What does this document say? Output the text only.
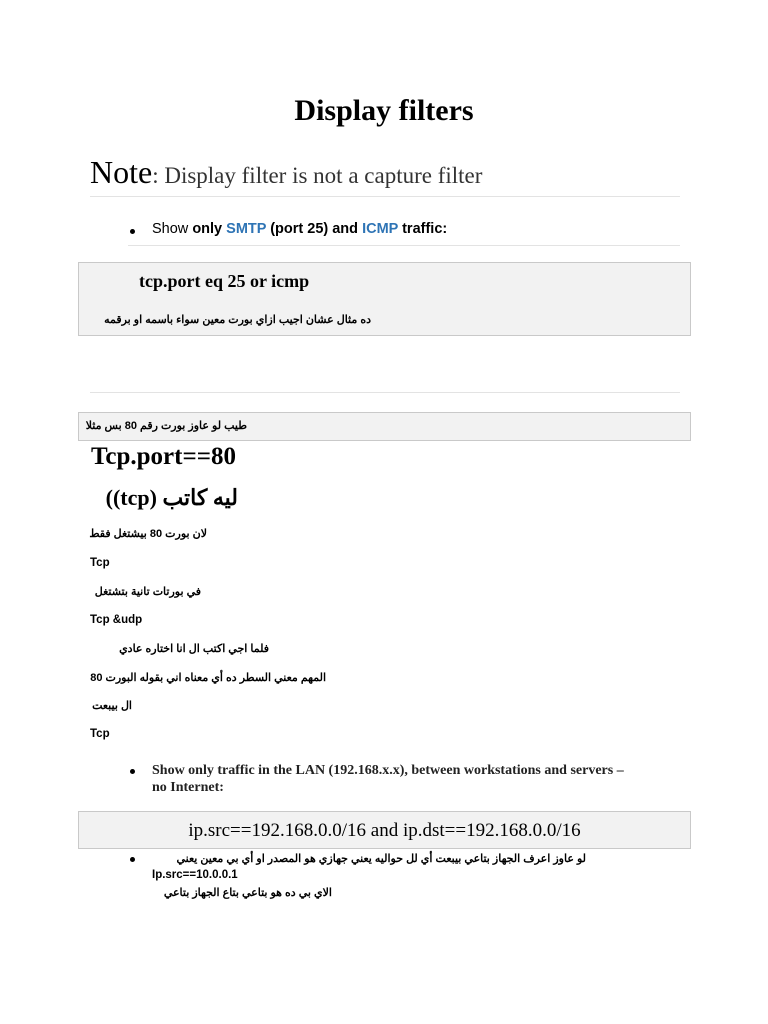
Display filters
Note: Display filter is not a capture filter
Show only SMTP (port 25) and ICMP traffic:
tcp.port eq 25 or icmp
ده مثال عشان اجيب ازاي بورت معين سواء باسمه او برقمه
طيب لو عاوز بورت رقم 80 بس مثلا
Tcp.port==80
ليه كاتب (tcp))
لان بورت 80 بيشتغل فقط
Tcp
في بورتات تانية بتشتغل
Tcp &udp
فلما اجي اكتب ال انا اختاره عادي
المهم معني السطر ده أي معناه اني بقوله البورت 80
ال بيبعت
Tcp
Show only traffic in the LAN (192.168.x.x), between workstations and servers –
no Internet:
ip.src==192.168.0.0/16 and ip.dst==192.168.0.0/16
لو عاوز اعرف الجهاز بتاعي بيبعت أي لل حواليه يعني جهازي هو المصدر او أي بي معين يعني
Ip.src==10.0.0.1
الاي بي ده هو بتاعي بتاع الجهاز بتاعي
